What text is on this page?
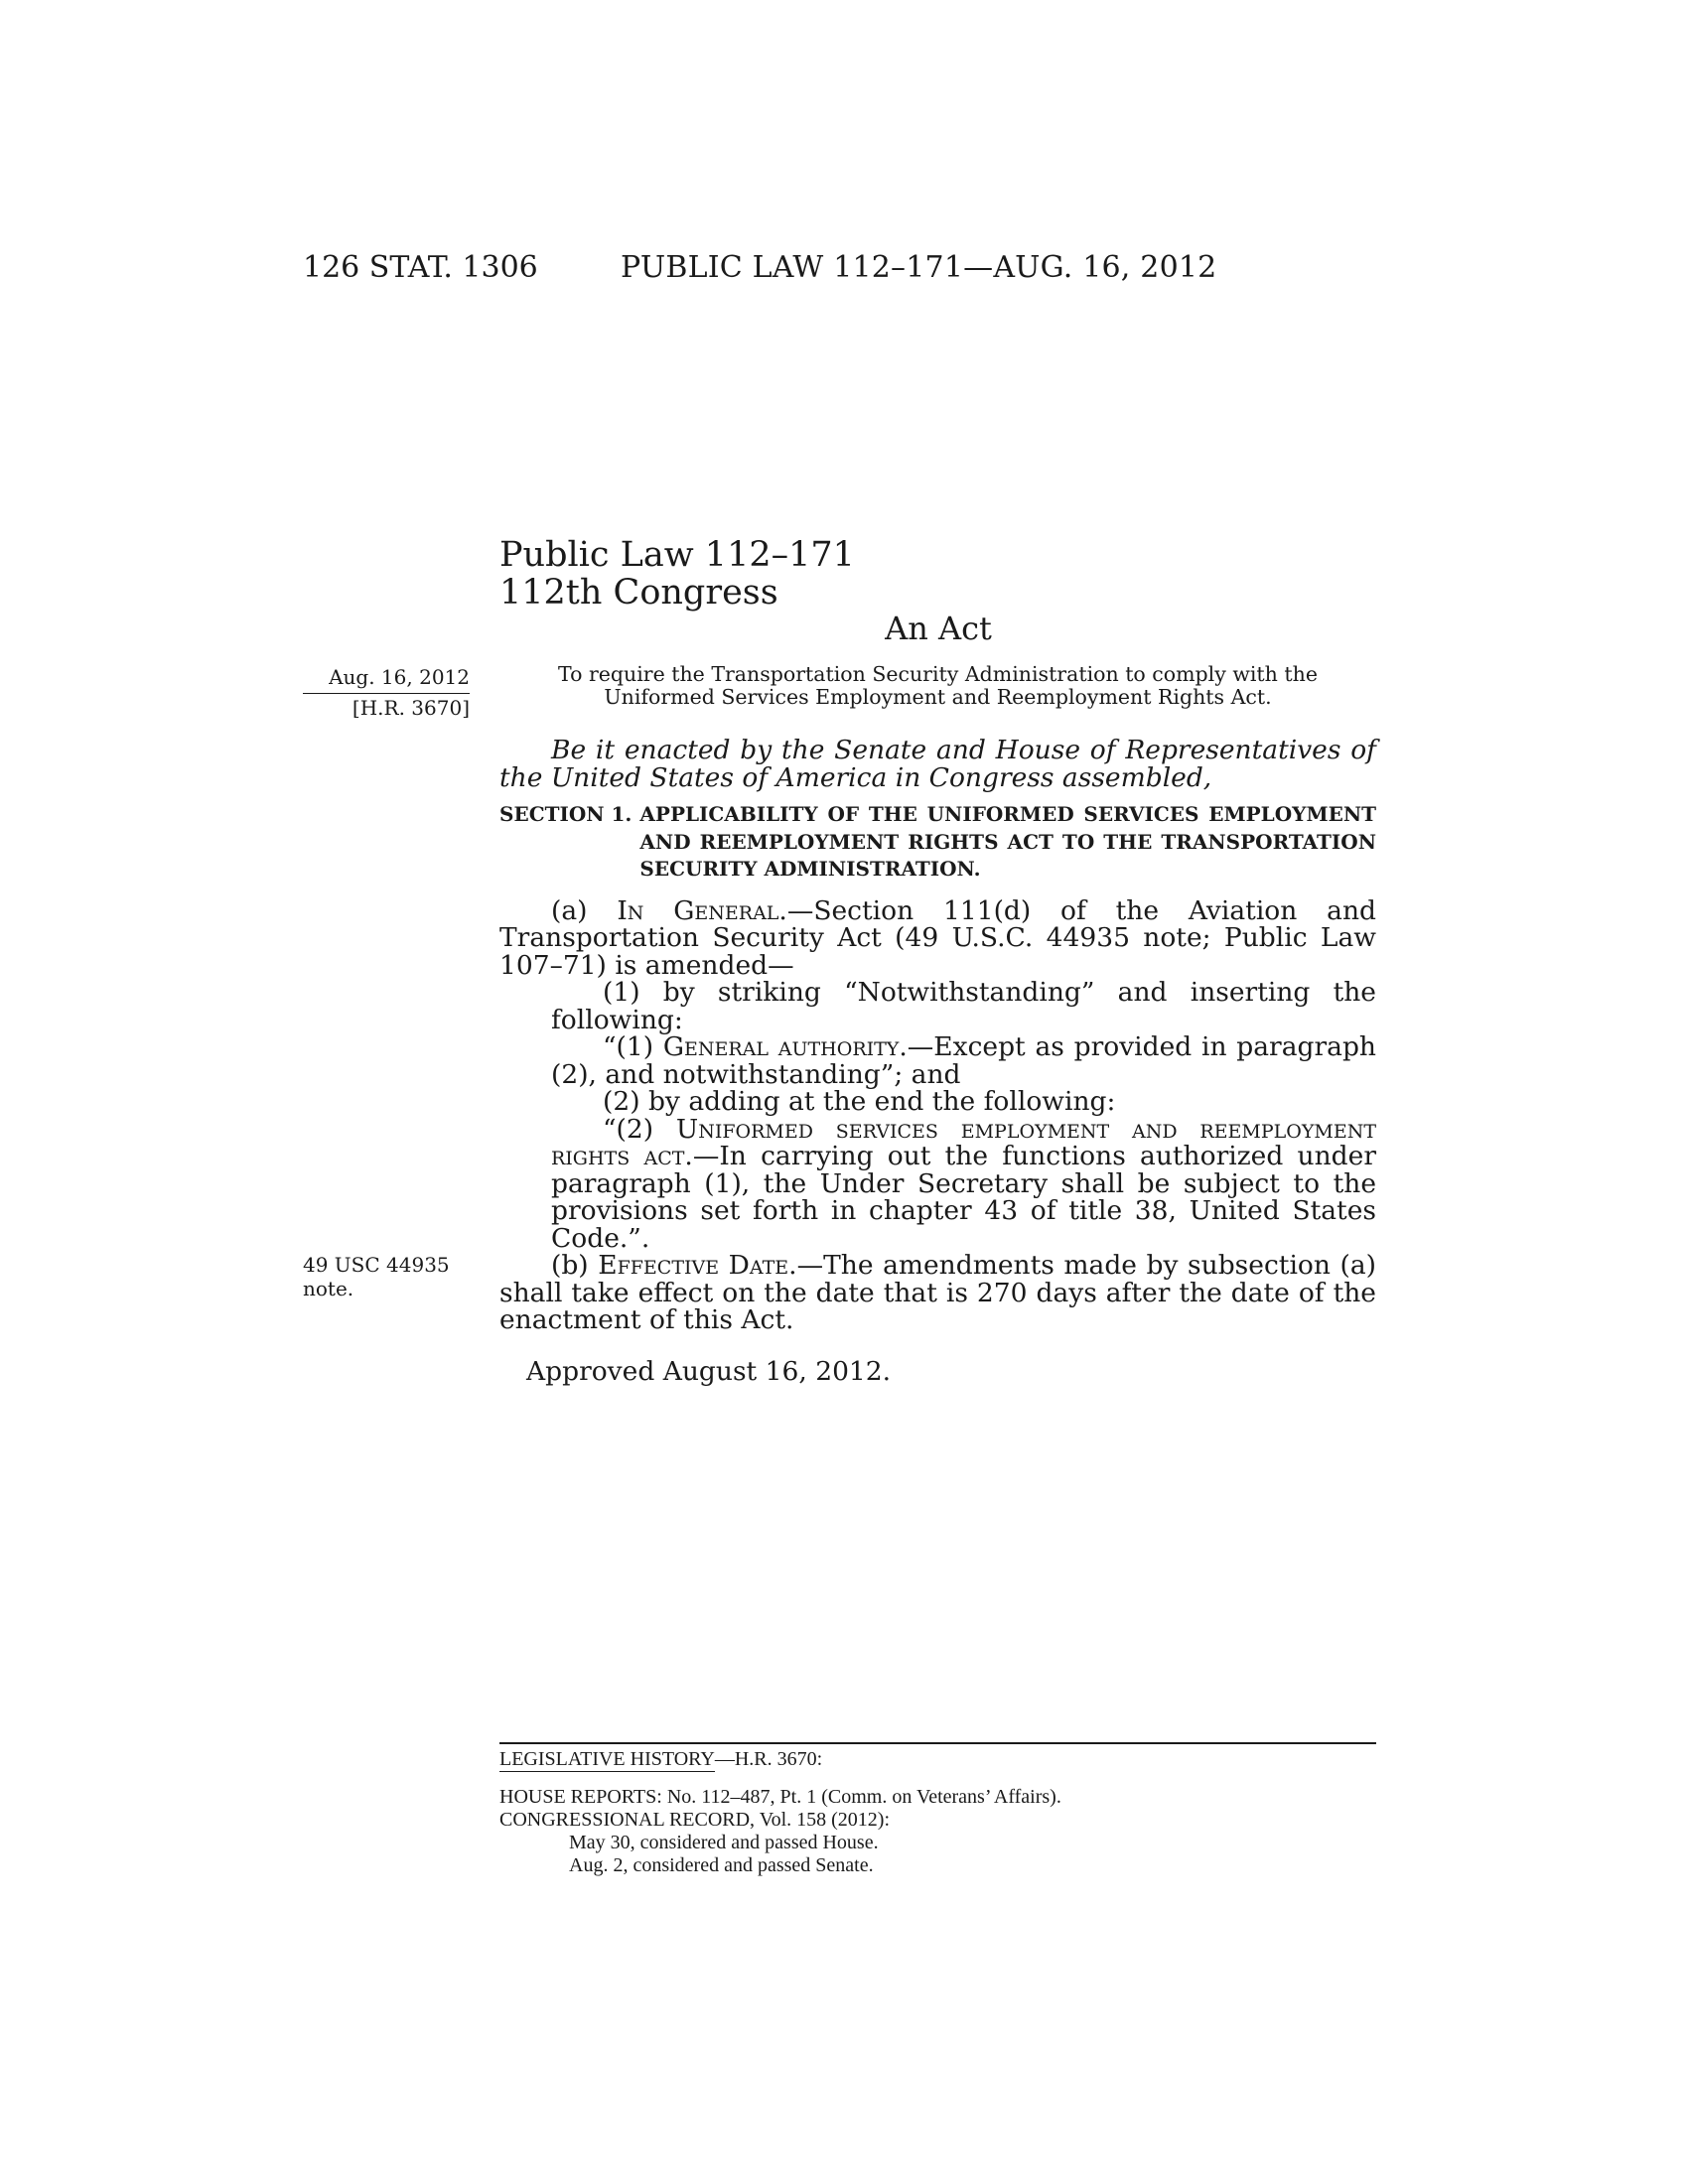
126 STAT. 1306	PUBLIC LAW 112–171—AUG. 16, 2012
Public Law 112–171
112th Congress
An Act
Aug. 16, 2012
[H.R. 3670]
49 USC 44935
note.

To require the Transportation Security Administration to comply with the Uniformed Services Employment and Reemployment Rights Act.

Be it enacted by the Senate and House of Representatives of the United States of America in Congress assembled,

SECTION 1. APPLICABILITY OF THE UNIFORMED SERVICES EMPLOYMENT AND REEMPLOYMENT RIGHTS ACT TO THE TRANSPORTATION SECURITY ADMINISTRATION.

(a) In General.—Section 111(d) of the Aviation and Transportation Security Act (49 U.S.C. 44935 note; Public Law 107–71) is amended—

(1) by striking “Notwithstanding” and inserting the following:

“(1) General authority.—Except as provided in paragraph (2), and notwithstanding”; and

(2) by adding at the end the following:

“(2) Uniformed services employment and reemployment rights act.—In carrying out the functions authorized under paragraph (1), the Under Secretary shall be subject to the provisions set forth in chapter 43 of title 38, United States Code.”.

(b) Effective Date.—The amendments made by subsection (a) shall take effect on the date that is 270 days after the date of the enactment of this Act.

Approved August 16, 2012.
LEGISLATIVE HISTORY—H.R. 3670:
HOUSE REPORTS: No. 112–487, Pt. 1 (Comm. on Veterans’ Affairs).
CONGRESSIONAL RECORD, Vol. 158 (2012):
May 30, considered and passed House.
Aug. 2, considered and passed Senate.
